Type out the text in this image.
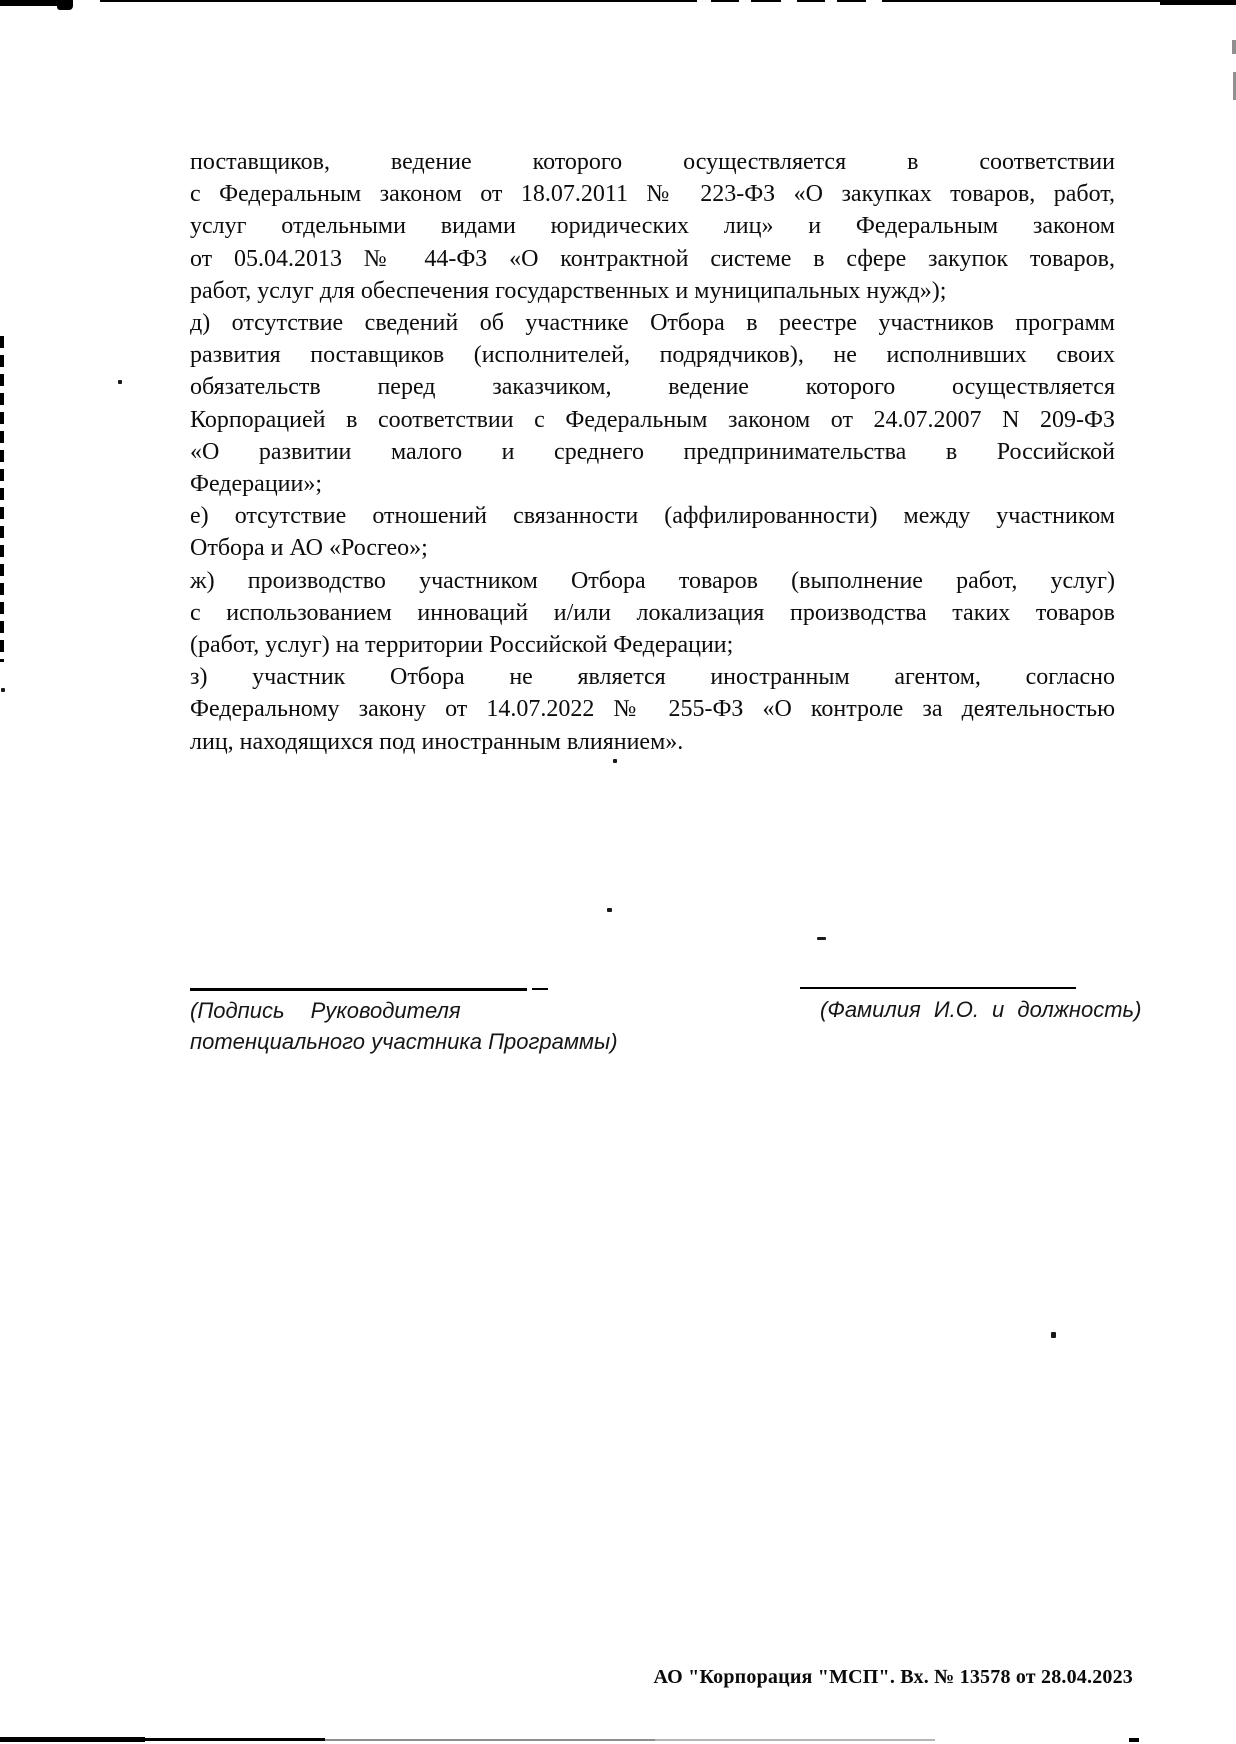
поставщиков, ведение которого осуществляется в соответствии
с Федеральным законом от 18.07.2011 № 223-ФЗ «О закупках товаров, работ,
услуг отдельными видами юридических лиц» и Федеральным законом
от 05.04.2013 № 44-ФЗ «О контрактной системе в сфере закупок товаров,
работ, услуг для обеспечения государственных и муниципальных нужд»);
д) отсутствие сведений об участнике Отбора в реестре участников программ
развития поставщиков (исполнителей, подрядчиков), не исполнивших своих
обязательств перед заказчиком, ведение которого осуществляется
Корпорацией в соответствии с Федеральным законом от 24.07.2007 N 209-ФЗ
«О развитии малого и среднего предпринимательства в Российской
Федерации»;
е) отсутствие отношений связанности (аффилированности) между участником
Отбора и АО «Росгео»;
ж) производство участником Отбора товаров (выполнение работ, услуг)
с использованием инноваций и/или локализация производства таких товаров
(работ, услуг) на территории Российской Федерации;
з) участник Отбора не является иностранным агентом, согласно
Федеральному закону от 14.07.2022 № 255-ФЗ «О контроле за деятельностью
лиц, находящихся под иностранным влиянием».
(Подпись Руководителя
потенциального участника Программы)
(Фамилия И.О. и должность)
АО "Корпорация "МСП". Вх. № 13578 от 28.04.2023
